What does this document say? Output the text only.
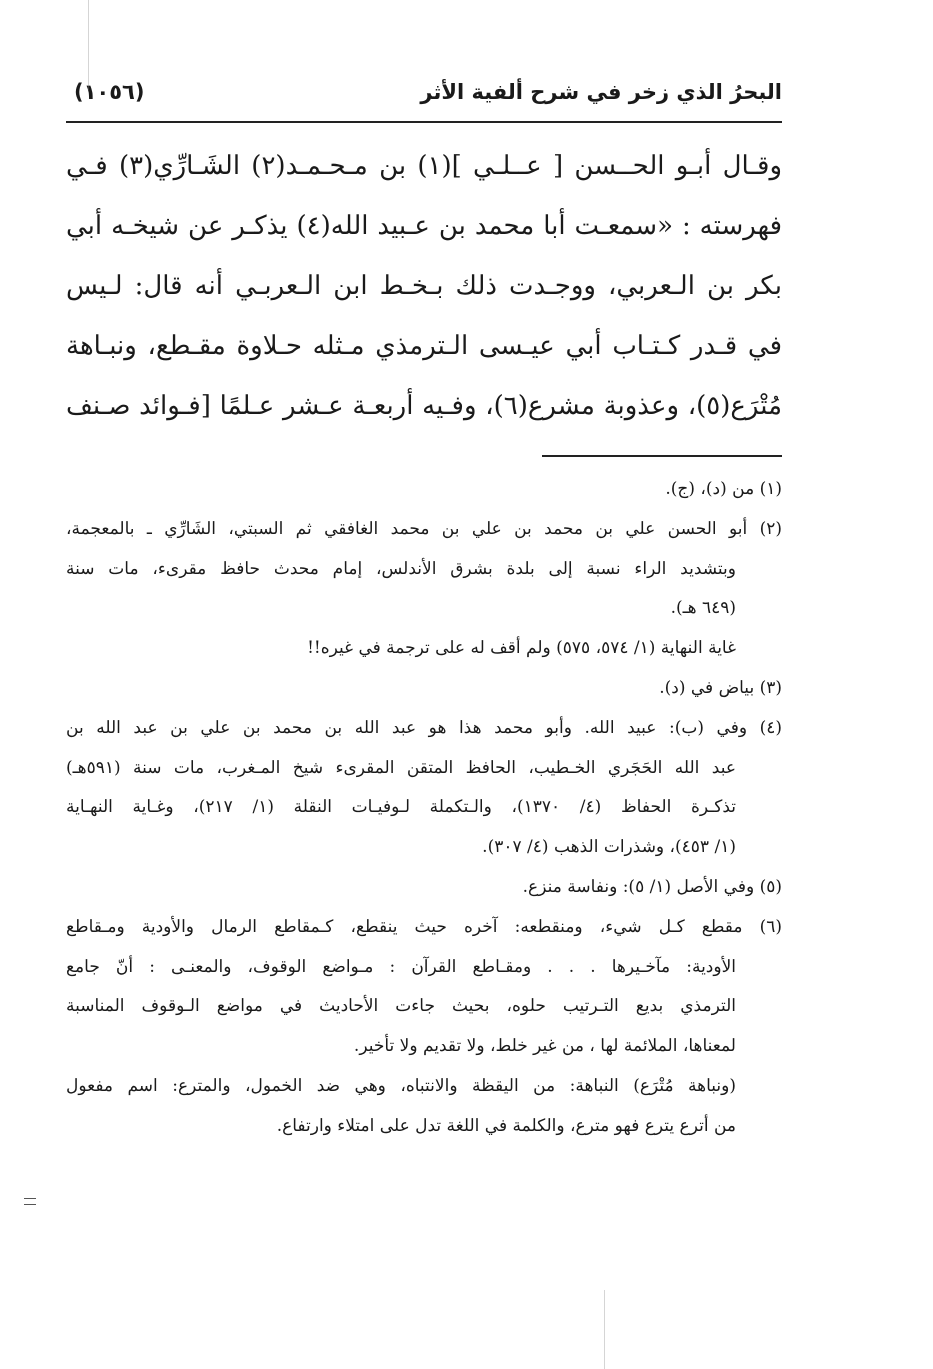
البحرُ الذي زخر في شرح ألفية الأثر
(١٠٥٦)

وقـال أبـو الحــسن [ عــلـي ](١) بن مـحـمـد(٢) الشَـارِّي(٣) فـي

فهرسته : «سمعـت أبا محمد بن عـبيد الله(٤) يذكـر عن شيخـه أبي

بكر بن الـعربي، ووجـدت ذلك بـخـط ابن الـعربـي أنه قال: لـيس

في قـدر كـتـاب أبي عيـسى الـترمذي مـثله حـلاوة مقـطع، ونبـاهة

مُتْرَع(٥)، وعذوبة مشرع(٦)، وفـيه أربعـة عـشر عـلمًا [فـوائد صـنف

(١) من (د)، (ج).
(٢) أبو الحسن علي بن محمد بن علي بن محمد الغافقي ثم السبتي، الشَارِّي ـ بالمعجمة،
وبتشديد الراء نسبة إلى بلدة بشرق الأندلس، إمام محدث حافظ مقرىء، مات سنة
(٦٤٩ هـ).
غاية النهاية (١/ ٥٧٤، ٥٧٥) ولم أقف له على ترجمة في غيره!!
(٣) بياض في (د).
(٤) وفي (ب): عبيد الله. وأبو محمد هذا هو عبد الله بن محمد بن علي بن عبد الله بن
عبد الله الحَجَري الخـطيب، الحافظ المتقن المقرىء شيخ المـغرب، مات سنة (٥٩١هـ)
تذكـرة الحفاظ (٤/ ١٣٧٠)، والـتكملة لـوفيـات النقلة (١/ ٢١٧)، وغـاية النهـاية
(١/ ٤٥٣)، وشذرات الذهب (٤/ ٣٠٧).
(٥) وفي الأصل (١/ ٥): ونفاسة منزع.
(٦) مقطع كـل شيء، ومنقطعه: آخره حيث ينقطع، كـمقاطع الرمال والأودية ومـقاطع
الأودية: مآخـيرها . . . ومقـاطع القرآن : مـواضع الوقوف، والمعنـى : أنّ جامع
الترمذي بديع التـرتيب حلوه، بحيث جاءت الأحاديث في مواضع الـوقوف المناسبة
لمعناها، الملائمة لها ، من غير خلط، ولا تقديم ولا تأخير.
(ونباهة مُتْرَع) النباهة: من اليقظة والانتباه، وهي ضد الخمول، والمترع: اسم مفعول
من أترع يترع فهو مترع، والكلمة في اللغة تدل على امتلاء وارتفاع.
